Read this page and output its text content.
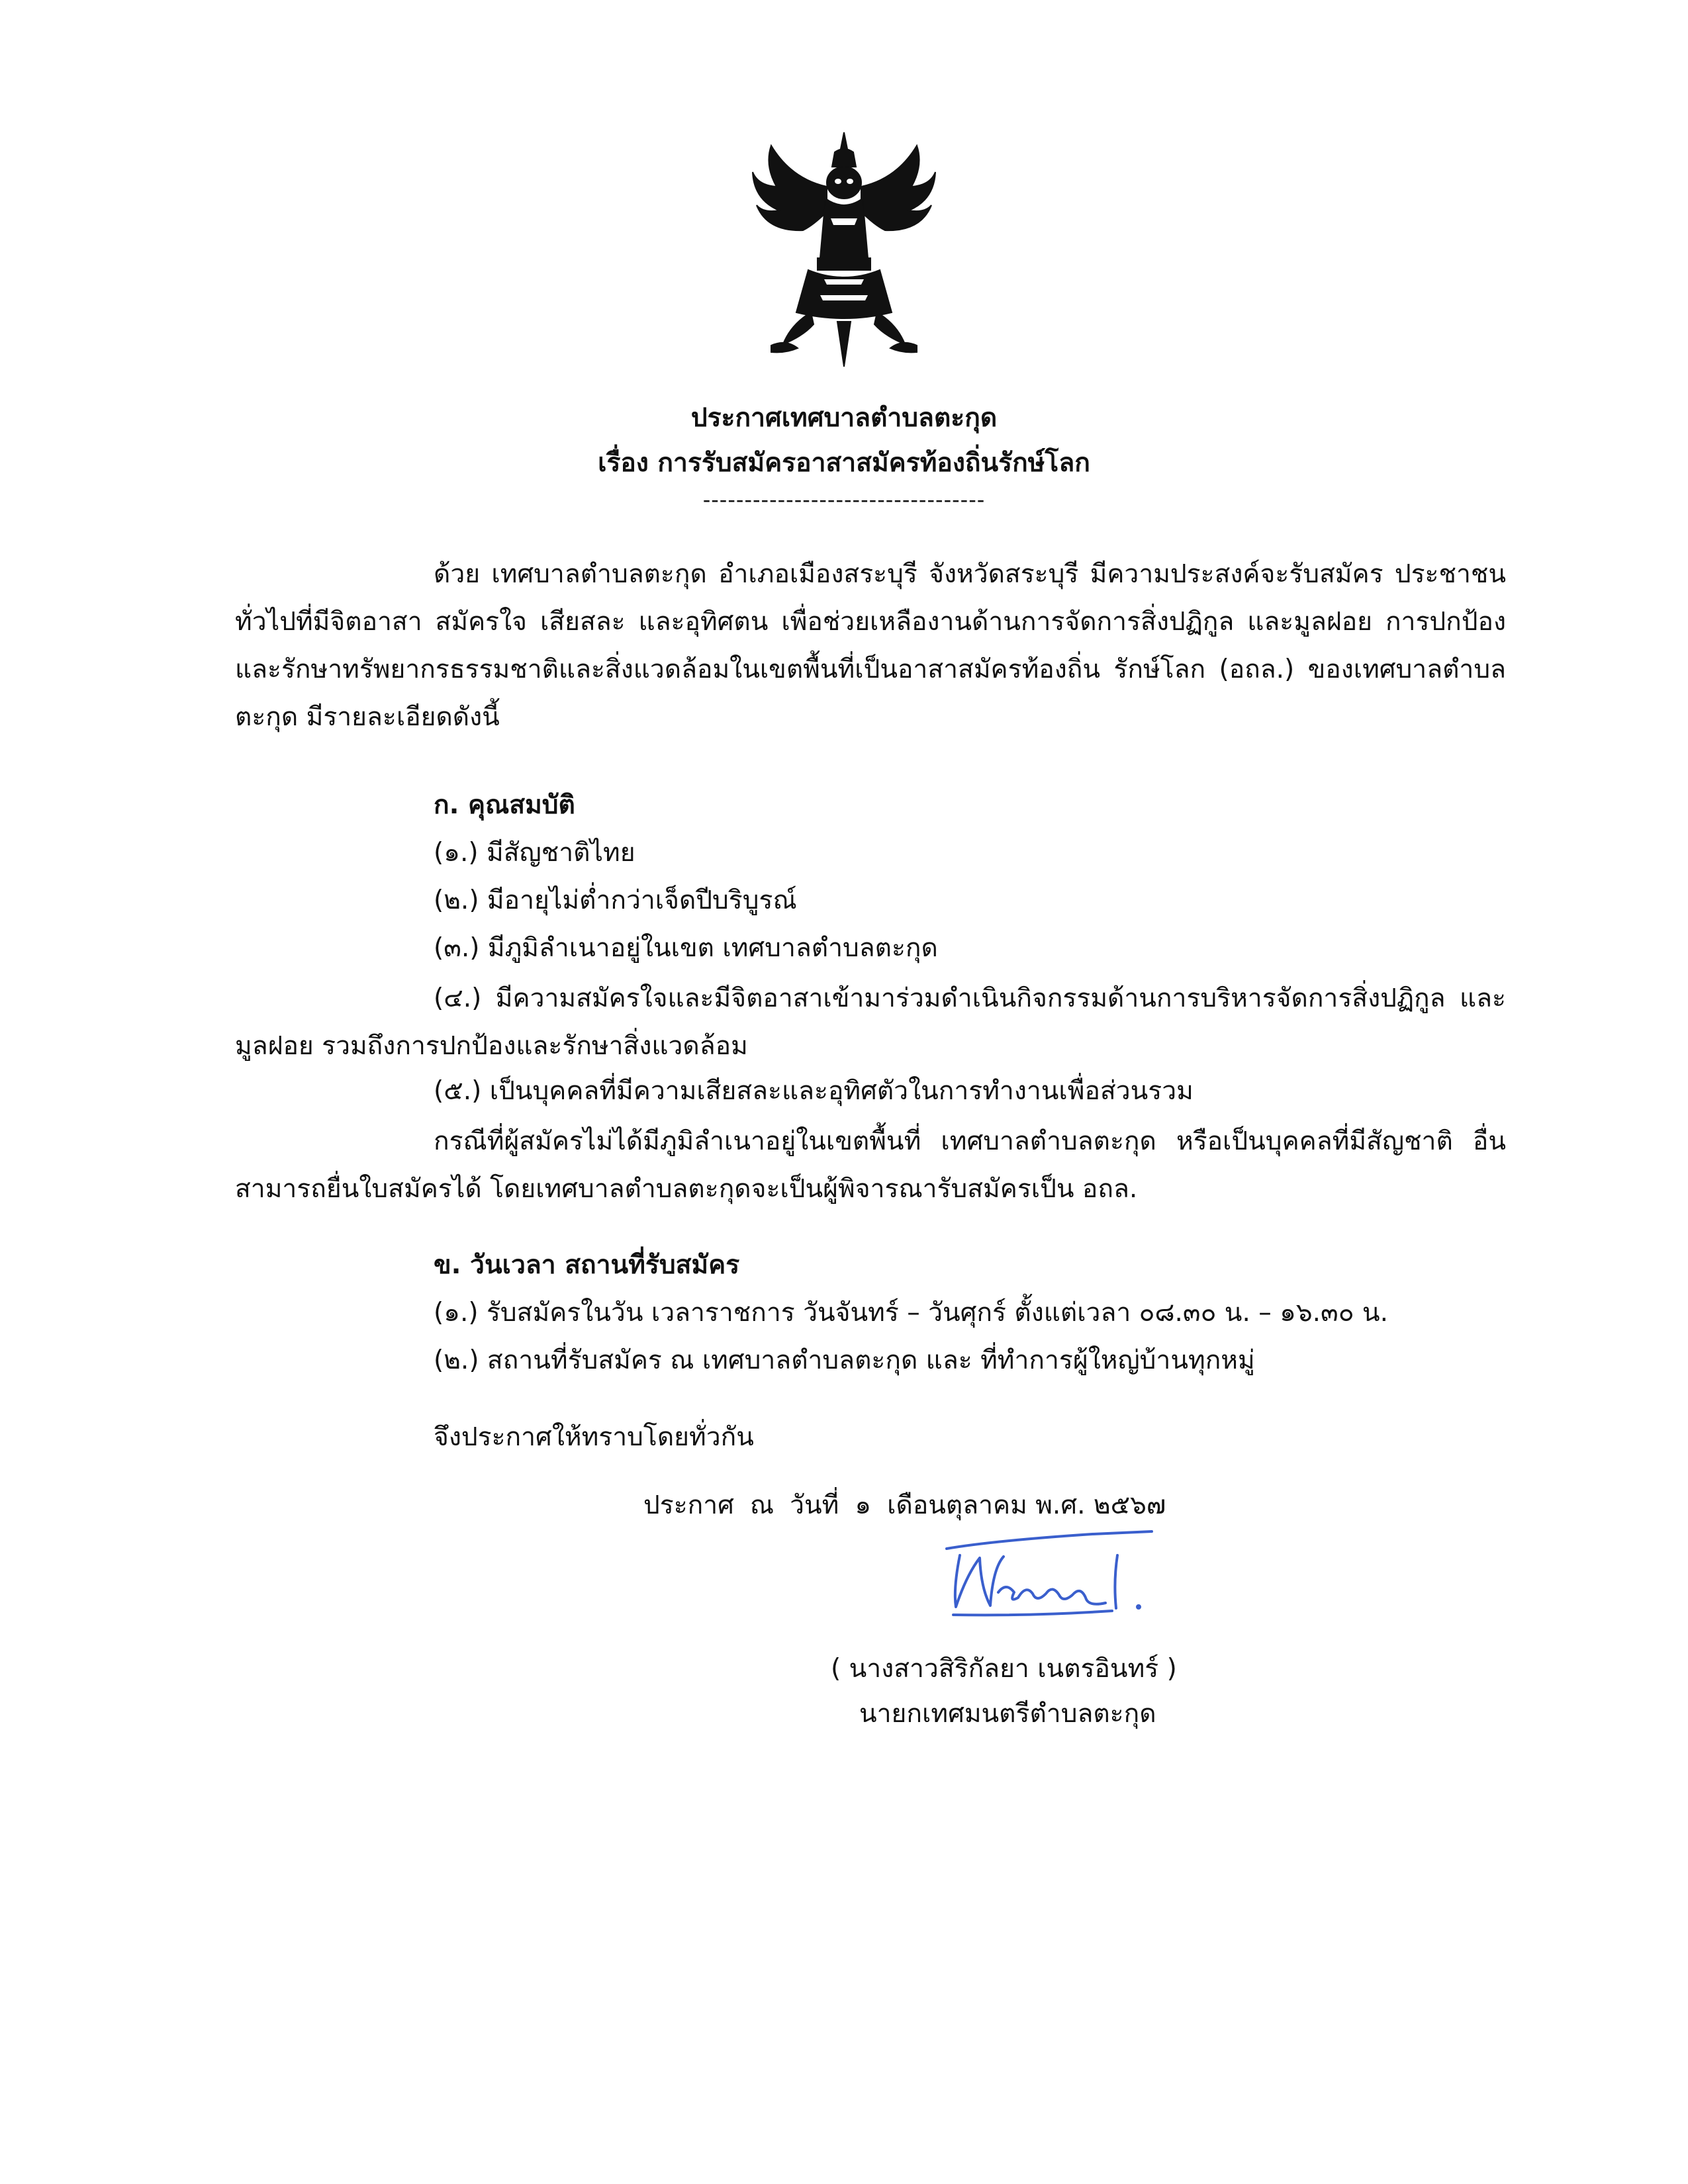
ประกาศเทศบาลตำบลตะกุด
เรื่อง การรับสมัครอาสาสมัครท้องถิ่นรักษ์โลก
----------------------------------

ด้วย เทศบาลตำบลตะกุด อำเภอเมืองสระบุรี จังหวัดสระบุรี มีความประสงค์จะรับสมัคร ประชาชนทั่วไปที่มีจิตอาสา สมัครใจ เสียสละ และอุทิศตน เพื่อช่วยเหลืองานด้านการจัดการสิ่งปฏิกูล และมูลฝอย การปกป้อง และรักษาทรัพยากรธรรมชาติและสิ่งแวดล้อมในเขตพื้นที่เป็นอาสาสมัครท้องถิ่น รักษ์โลก (อถล.) ของเทศบาลตำบลตะกุด มีรายละเอียดดังนี้

ก. คุณสมบัติ
(๑.) มีสัญชาติไทย
(๒.) มีอายุไม่ต่ำกว่าเจ็ดปีบริบูรณ์
(๓.) มีภูมิลำเนาอยู่ในเขต เทศบาลตำบลตะกุด

(๔.) มีความสมัครใจและมีจิตอาสาเข้ามาร่วมดำเนินกิจกรรมด้านการบริหารจัดการสิ่งปฏิกูล และมูลฝอย รวมถึงการปกป้องและรักษาสิ่งแวดล้อม

(๕.) เป็นบุคคลที่มีความเสียสละและอุทิศตัวในการทำงานเพื่อส่วนรวม

กรณีที่ผู้สมัครไม่ได้มีภูมิลำเนาอยู่ในเขตพื้นที่ เทศบาลตำบลตะกุด หรือเป็นบุคคลที่มีสัญชาติ อื่น สามารถยื่นใบสมัครได้ โดยเทศบาลตำบลตะกุดจะเป็นผู้พิจารณารับสมัครเป็น อถล.

ข. วันเวลา สถานที่รับสมัคร
(๑.) รับสมัครในวัน เวลาราชการ วันจันทร์ – วันศุกร์ ตั้งแต่เวลา ๐๘.๓๐ น. – ๑๖.๓๐ น.
(๒.) สถานที่รับสมัคร ณ เทศบาลตำบลตะกุด และ ที่ทำการผู้ใหญ่บ้านทุกหมู่
จึงประกาศให้ทราบโดยทั่วกัน
ประกาศ ณ วันที่ ๑ เดือนตุลาคม พ.ศ. ๒๕๖๗
( นางสาวสิริกัลยา เนตรอินทร์ )
นายกเทศมนตรีตำบลตะกุด
